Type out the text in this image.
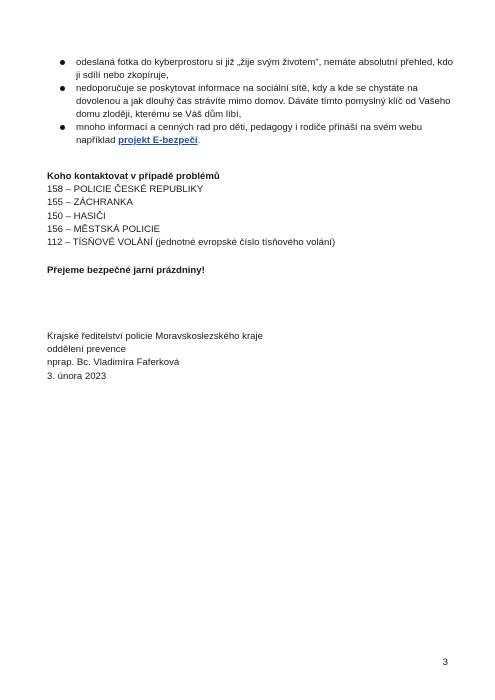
odeslaná fotka do kyberprostoru si již „žije svým životem“, nemáte absolutní přehled, kdo ji sdílí nebo zkopíruje,
nedoporučuje se poskytovat informace na sociální sítě, kdy a kde se chystáte na dovolenou a jak dlouhý čas strávíte mimo domov. Dáváte tímto pomyslný klíč od Vašeho domu zloději, kterému se Váš dům líbí,
mnoho informací a cenných rad pro děti, pedagogy i rodiče přináší na svém webu například projekt E-bezpečí.
Koho kontaktovat v případě problémů
158 – POLICIE ČESKÉ REPUBLIKY
155 – ZÁCHRANKA
150 – HASIČI
156 – MĚSTSKÁ POLICIE
112 – TÍSŇOVÉ VOLÁNÍ (jednotné evropské číslo tísňového volání)
Přejeme bezpečné jarní prázdniny!
Krajské ředitelství policie Moravskoslezského kraje
oddělení prevence
nprap. Bc. Vladimíra Faferková
3. února 2023
3
